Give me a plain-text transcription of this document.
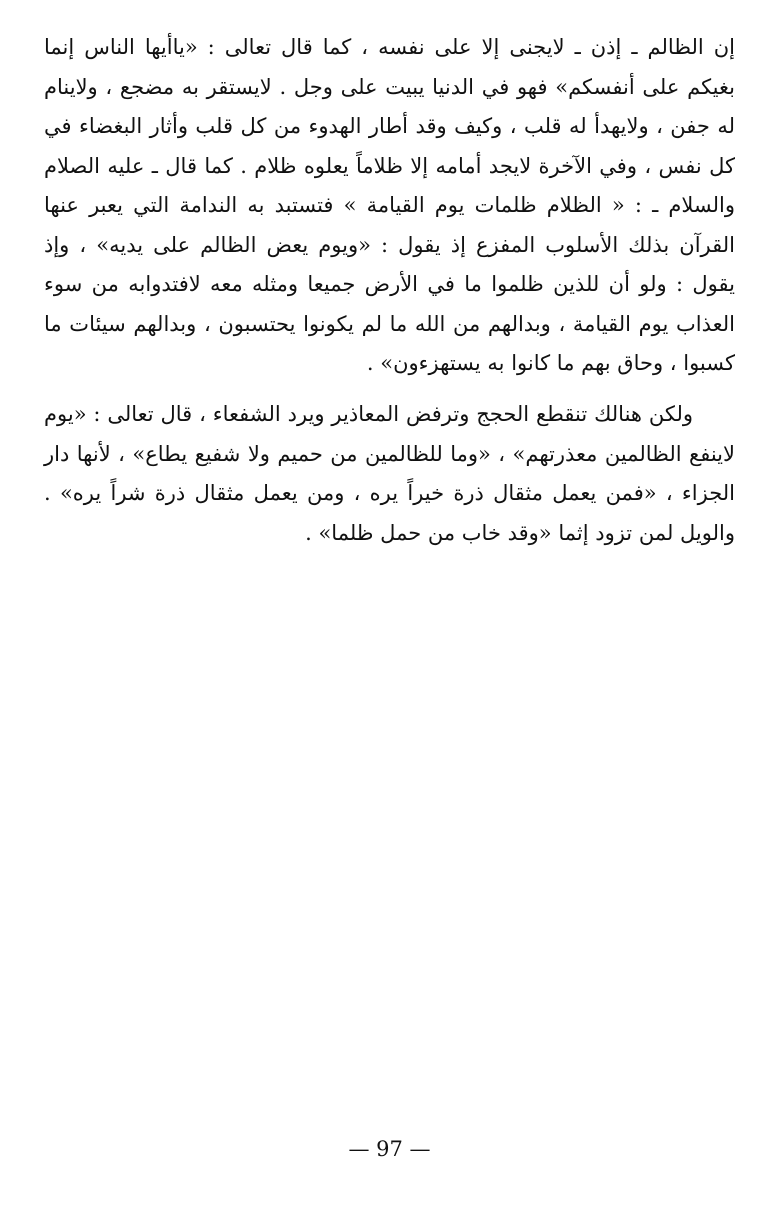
إن الظالم ـ إذن ـ لايجنى إلا على نفسه ، كما قال تعالى : «ياأيها الناس إنما بغيكم على أنفسكم» فهو في الدنيا يبيت على وجل . لايستقر به مضجع ، ولاينام له جفن ، ولايهدأ له قلب ، وكيف وقد أطار الهدوء من كل قلب وأثار البغضاء في كل نفس ، وفي الآخرة لايجد أمامه إلا ظلاماً يعلوه ظلام . كما قال ـ عليه الصلام والسلام ـ : « الظلام ظلمات يوم القيامة » فتستبد به الندامة التي يعبر عنها القرآن بذلك الأسلوب المفزع إذ يقول : «ويوم يعض الظالم على يديه» ، وإذ يقول : ولو أن للذين ظلموا ما في الأرض جميعا ومثله معه لافتدوابه من سوء العذاب يوم القيامة ، وبدالهم من الله ما لم يكونوا يحتسبون ، وبدالهم سيئات ما كسبوا ، وحاق بهم ما كانوا به يستهزءون» .

ولكن هنالك تنقطع الحجج وترفض المعاذير ويرد الشفعاء ، قال تعالى : «يوم لاينفع الظالمين معذرتهم» ، «وما للظالمين من حميم ولا شفيع يطاع» ، لأنها دار الجزاء ، «فمن يعمل مثقال ذرة خيراً يره ، ومن يعمل مثقال ذرة شراً يره» . والويل لمن تزود إثما «وقد خاب من حمل ظلما» .

— 97 —
